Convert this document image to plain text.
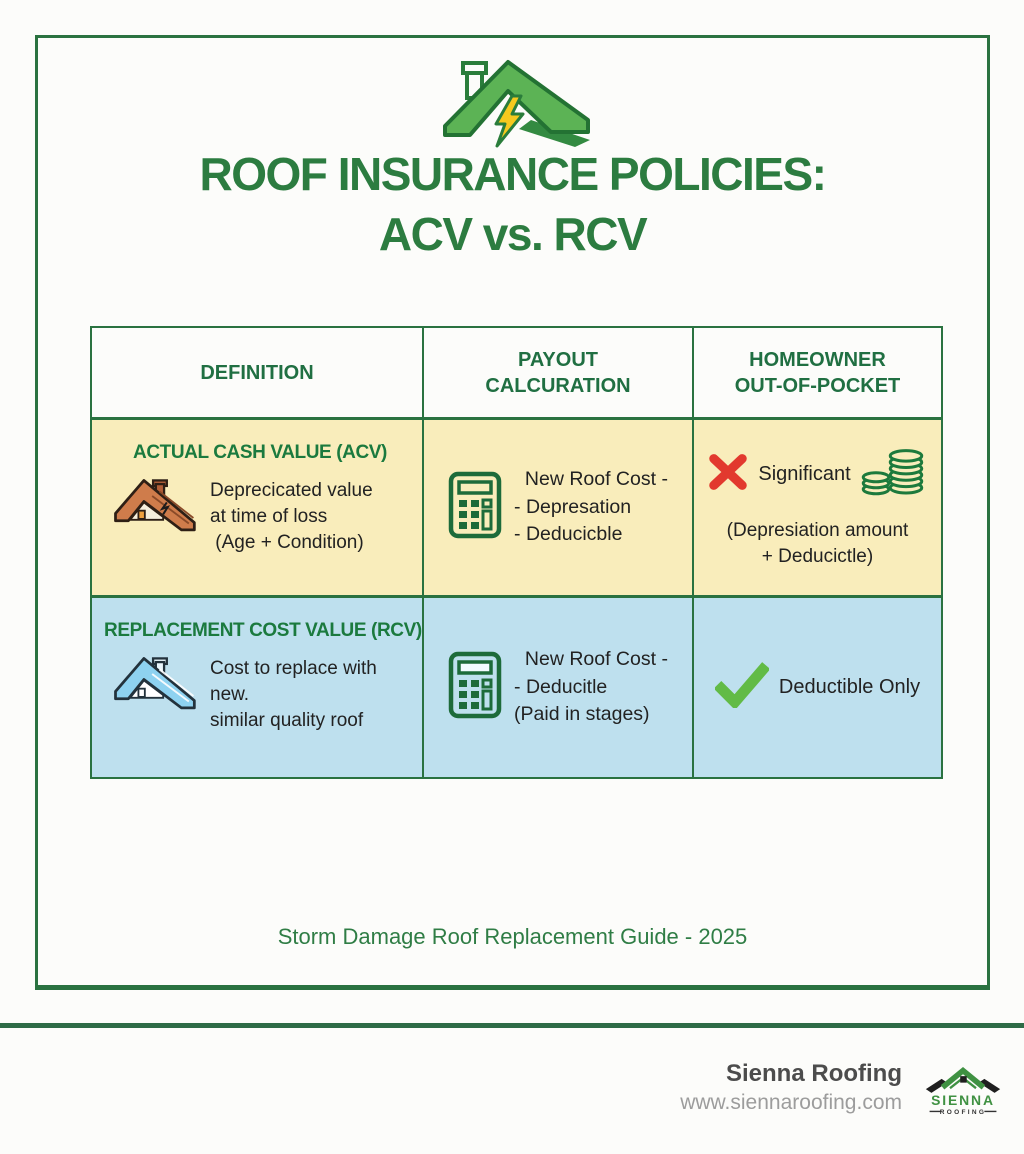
ROOF INSURANCE POLICIES:
ACV vs. RCV
DEFINITION
PAYOUT
CALCURATION
HOMEOWNER
OUT-OF-POCKET
ACTUAL CASH VALUE (ACV)
Deprecicated value
at time of loss
(Age + Condition)
New Roof Cost -
- Depresation
- Deducicble
Significant
(Depresiation amount
+ Deducictle)
REPLACEMENT COST VALUE (RCV)
Cost to replace with new.
similar quality roof
New Roof Cost -
- Deducitle
(Paid in stages)
Deductible Only
Storm Damage Roof Replacement Guide - 2025
Sienna Roofing
www.siennaroofing.com SIENNA
ROOFING
